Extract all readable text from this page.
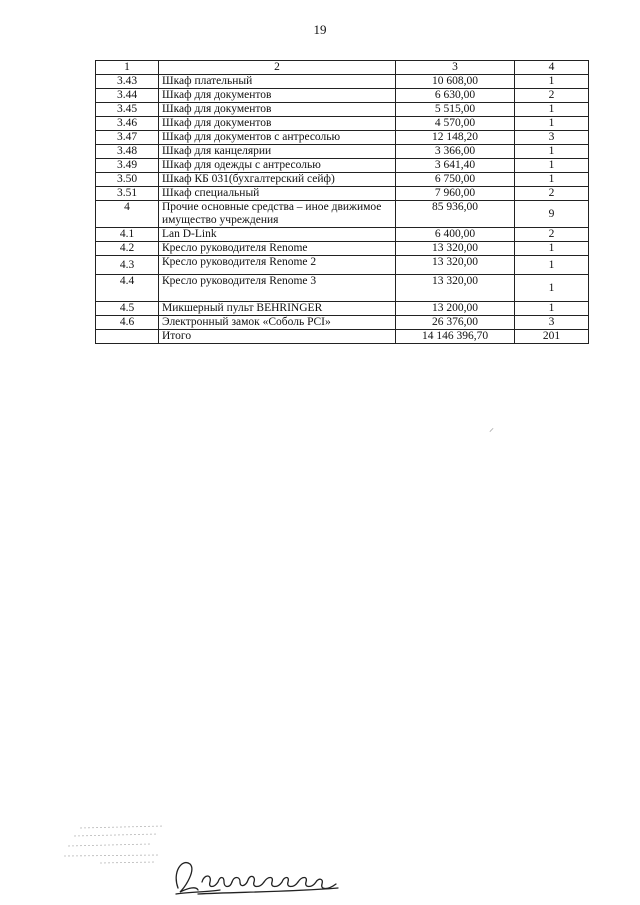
19
1	2	3	4
3.43	Шкаф плательный	10 608,00	1
3.44	Шкаф для документов	6 630,00	2
3.45	Шкаф для документов	5 515,00	1
3.46	Шкаф для документов	4 570,00	1
3.47	Шкаф для документов с антресолью	12 148,20	3
3.48	Шкаф для канцелярии	3 366,00	1
3.49	Шкаф для одежды с антресолью	3 641,40	1
3.50	Шкаф КБ 031(бухгалтерский сейф)	6 750,00	1
3.51	Шкаф специальный	7 960,00	2
4	Прочие основные средства – иное движимое имущество учреждения	85 936,00	9
4.1	Lan D-Link	6 400,00	2
4.2	Кресло руководителя Renome	13 320,00	1
4.3	Кресло руководителя Renome 2	13 320,00	1
4.4	Кресло руководителя Renome 3	13 320,00	1
4.5	Микшерный пульт BEHRINGER	13 200,00	1
4.6	Электронный замок «Соболь PCI»	26 376,00	3
	Итого	14 146 396,70	201
⸝
